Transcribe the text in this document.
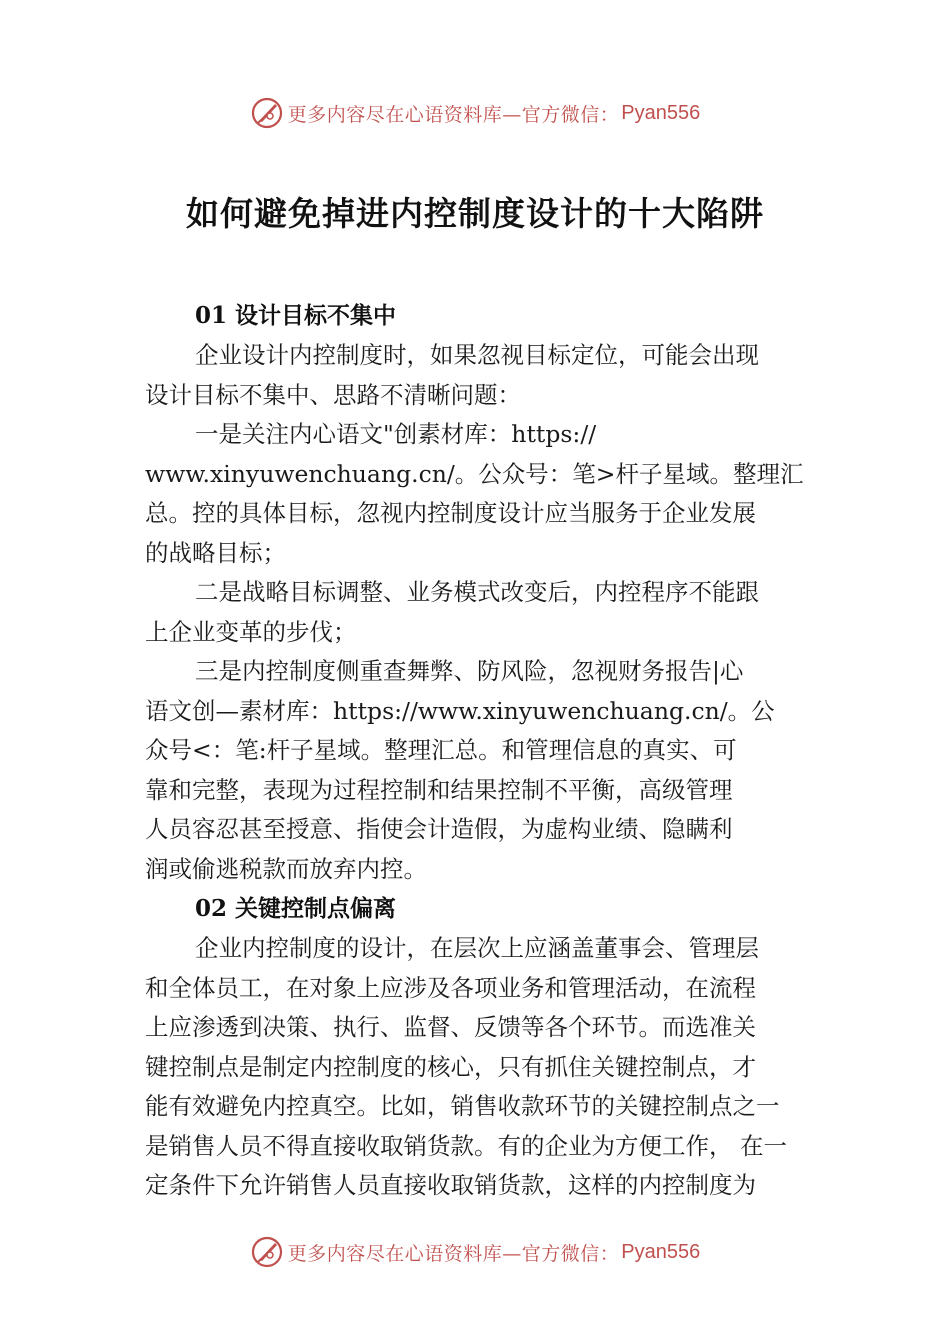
更多内容尽在心语资料库—官方微信： Pyan556
如何避免掉进内控制度设计的十大陷阱
01 设计目标不集中
企业设计内控制度时，如果忽视目标定位，可能会出现
设计目标不集中、思路不清晰问题：
一是关注内心语文"创素材库：https://
www.xinyuwenchuang.cn/。公众号：笔>杆子星域。整理汇
总。控的具体目标，忽视内控制度设计应当服务于企业发展
的战略目标；
二是战略目标调整、业务模式改变后，内控程序不能跟
上企业变革的步伐；
三是内控制度侧重查舞弊、防风险，忽视财务报告|心
语文创—素材库：https://www.xinyuwenchuang.cn/。公
众号<：笔:杆子星域。整理汇总。和管理信息的真实、可
靠和完整，表现为过程控制和结果控制不平衡，高级管理
人员容忍甚至授意、指使会计造假，为虚构业绩、隐瞒利
润或偷逃税款而放弃内控。
02 关键控制点偏离
企业内控制度的设计，在层次上应涵盖董事会、管理层
和全体员工，在对象上应涉及各项业务和管理活动，在流程
上应渗透到决策、执行、监督、反馈等各个环节。而选准关
键控制点是制定内控制度的核心，只有抓住关键控制点，才
能有效避免内控真空。比如，销售收款环节的关键控制点之一
是销售人员不得直接收取销货款。有的企业为方便工作， 在一
定条件下允许销售人员直接收取销货款，这样的内控制度为
更多内容尽在心语资料库—官方微信： Pyan556
